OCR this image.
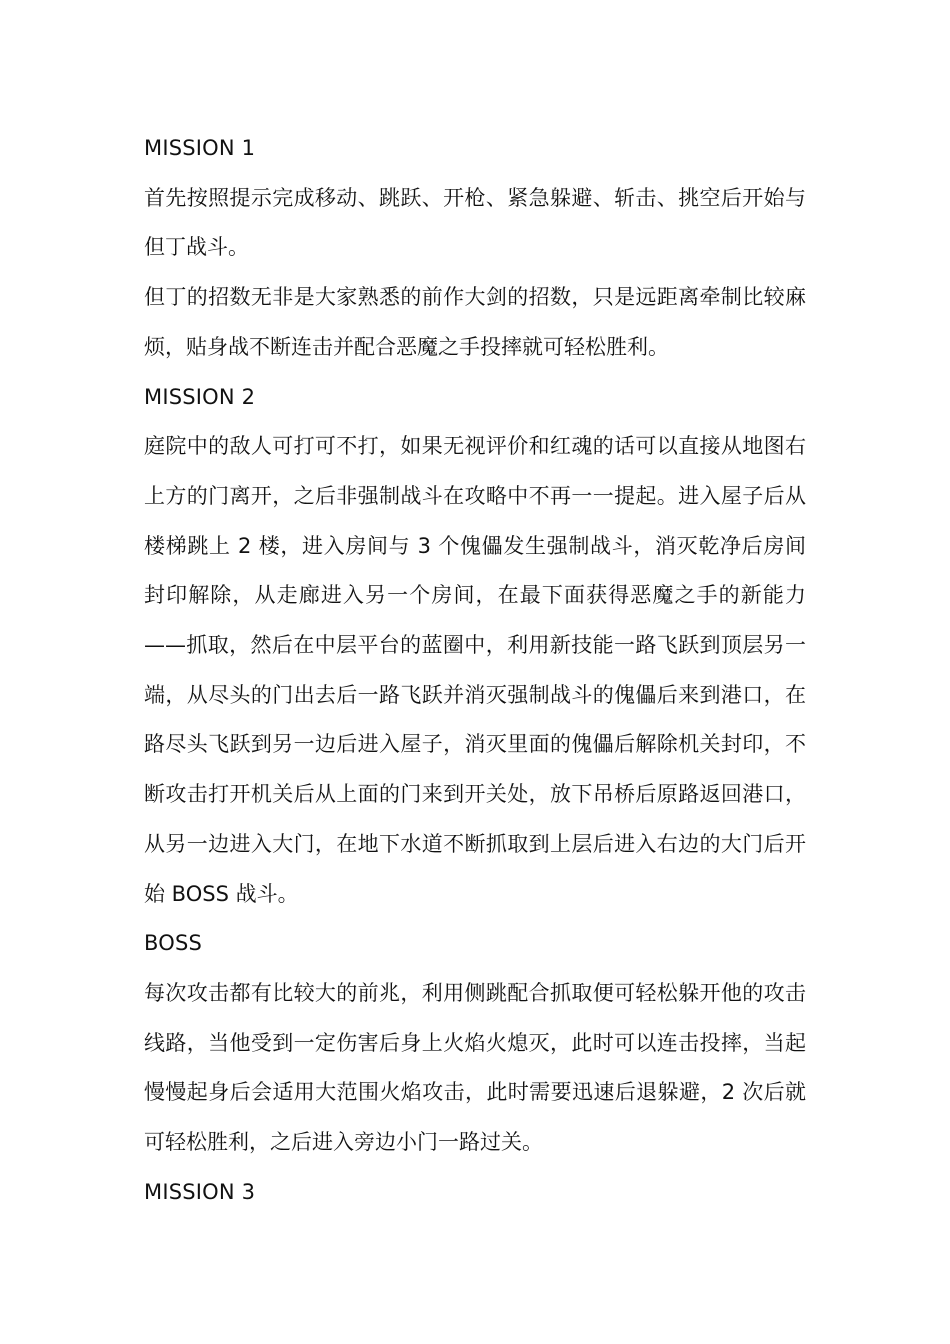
MISSION 1

首先按照提示完成移动、跳跃、开枪、紧急躲避、斩击、挑空后开始与但丁战斗。

但丁的招数无非是大家熟悉的前作大剑的招数，只是远距离牵制比较麻烦，贴身战不断连击并配合恶魔之手投摔就可轻松胜利。

MISSION 2

庭院中的敌人可打可不打，如果无视评价和红魂的话可以直接从地图右上方的门离开，之后非强制战斗在攻略中不再一一提起。进入屋子后从楼梯跳上 2 楼，进入房间与 3 个傀儡发生强制战斗，消灭乾净后房间封印解除，从走廊进入另一个房间，在最下面获得恶魔之手的新能力——抓取，然后在中层平台的蓝圈中，利用新技能一路飞跃到顶层另一端，从尽头的门出去后一路飞跃并消灭强制战斗的傀儡后来到港口，在路尽头飞跃到另一边后进入屋子，消灭里面的傀儡后解除机关封印，不断攻击打开机关后从上面的门来到开关处，放下吊桥后原路返回港口，从另一边进入大门，在地下水道不断抓取到上层后进入右边的大门后开始 BOSS 战斗。

BOSS

每次攻击都有比较大的前兆，利用侧跳配合抓取便可轻松躲开他的攻击线路，当他受到一定伤害后身上火焰火熄灭，此时可以连击投摔，当起慢慢起身后会适用大范围火焰攻击，此时需要迅速后退躲避，2 次后就可轻松胜利，之后进入旁边小门一路过关。

MISSION 3
